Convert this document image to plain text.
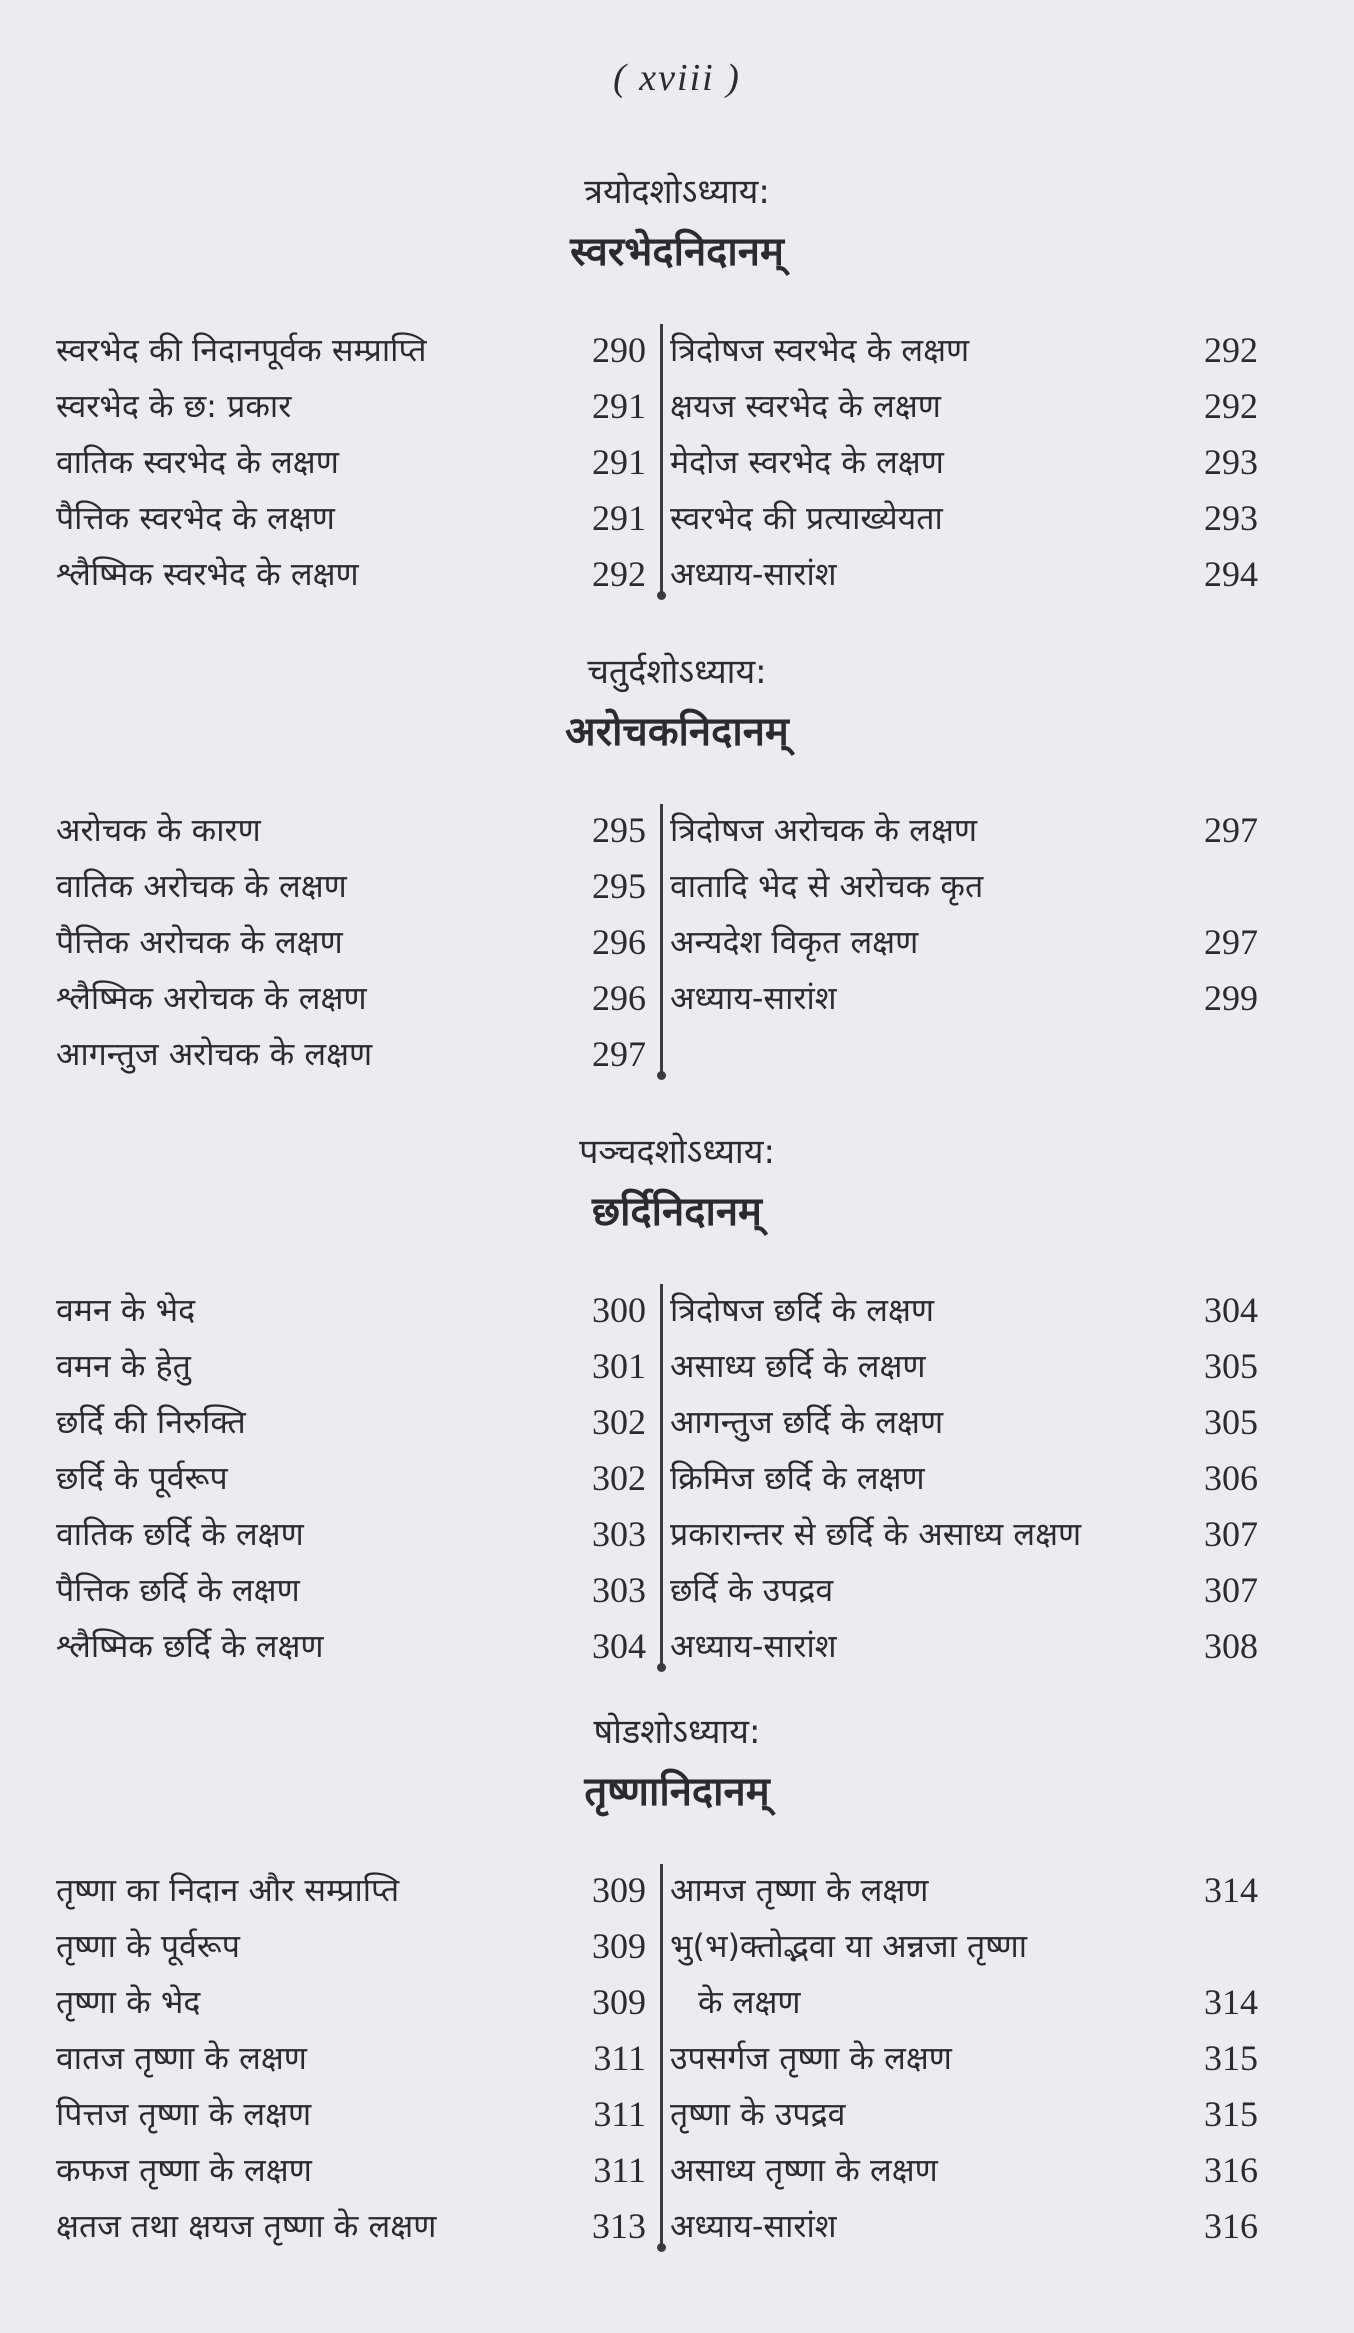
( xviii )
त्रयोदशोऽध्याय:
स्वरभेदनिदानम्
स्वरभेद की निदानपूर्वक सम्प्राप्ति	290
स्वरभेद के छ: प्रकार	291
वातिक स्वरभेद के लक्षण	291
पैत्तिक स्वरभेद के लक्षण	291
श्लैष्मिक स्वरभेद के लक्षण	292
त्रिदोषज स्वरभेद के लक्षण	292
क्षयज स्वरभेद के लक्षण	292
मेदोज स्वरभेद के लक्षण	293
स्वरभेद की प्रत्याख्येयता	293
अध्याय-सारांश	294
चतुर्दशोऽध्याय:
अरोचकनिदानम्
अरोचक के कारण	295
वातिक अरोचक के लक्षण	295
पैत्तिक अरोचक के लक्षण	296
श्लैष्मिक अरोचक के लक्षण	296
आगन्तुज अरोचक के लक्षण	297
त्रिदोषज अरोचक के लक्षण	297
वातादि भेद से अरोचक कृत
अन्यदेश विकृत लक्षण	297
अध्याय-सारांश	299
पञ्चदशोऽध्याय:
छर्दिनिदानम्
वमन के भेद	300
वमन के हेतु	301
छर्दि की निरुक्ति	302
छर्दि के पूर्वरूप	302
वातिक छर्दि के लक्षण	303
पैत्तिक छर्दि के लक्षण	303
श्लैष्मिक छर्दि के लक्षण	304
त्रिदोषज छर्दि के लक्षण	304
असाध्य छर्दि के लक्षण	305
आगन्तुज छर्दि के लक्षण	305
क्रिमिज छर्दि के लक्षण	306
प्रकारान्तर से छर्दि के असाध्य लक्षण	307
छर्दि के उपद्रव	307
अध्याय-सारांश	308
षोडशोऽध्याय:
तृष्णानिदानम्
तृष्णा का निदान और सम्प्राप्ति	309
तृष्णा के पूर्वरूप	309
तृष्णा के भेद	309
वातज तृष्णा के लक्षण	311
पित्तज तृष्णा के लक्षण	311
कफज तृष्णा के लक्षण	311
क्षतज तथा क्षयज तृष्णा के लक्षण	313
आमज तृष्णा के लक्षण	314
भु(भ)क्तोद्भवा या अन्नजा तृष्णा
के लक्षण	314
उपसर्गज तृष्णा के लक्षण	315
तृष्णा के उपद्रव	315
असाध्य तृष्णा के लक्षण	316
अध्याय-सारांश	316
